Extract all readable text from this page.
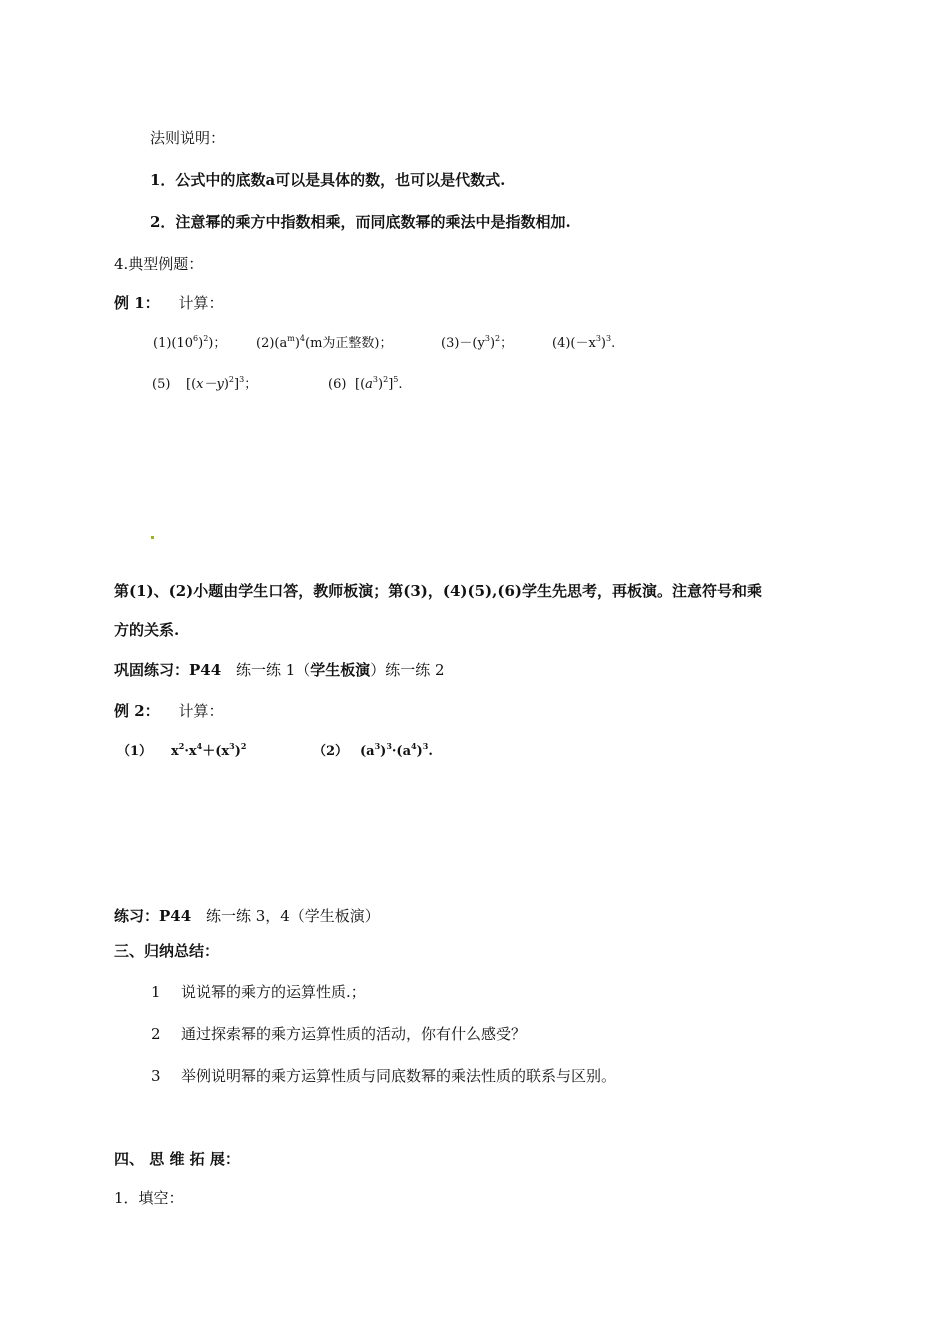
法则说明：
1．公式中的底数a可以是具体的数，也可以是代数式.
2．注意幂的乘方中指数相乘，而同底数幂的乘法中是指数相加.
4.典型例题：
例 1： 计算：
$(1)(10^6)^2$)； $(2)(a^m)^4(m$为正整数)；	$(3)-(y^3)^2$；	$(4)(-x^3)^3$.
(5) $[(x-y)^2]^3$；	(6) $[(a^3)^2]^5$.
第(1)、(2)小题由学生口答，教师板演；第(3)，(4)(5),(6)学生先思考，再板演。注意符号和乘
方的关系.
巩固练习：P44 练一练 1（学生板演）练一练 2
例 2： 计算：
（1） $x^2\cdot x^4+(x^3)^2$	（2） $(a^3)^3\cdot(a^4)^3$.
练习：P44 练一练 3，4（学生板演）
三、归纳总结：
1 说说幂的乘方的运算性质.；
2 通过探索幂的乘方运算性质的活动，你有什么感受？
3 举例说明幂的乘方运算性质与同底数幂的乘法性质的联系与区别。
四、 思 维 拓 展：
1．填空：
